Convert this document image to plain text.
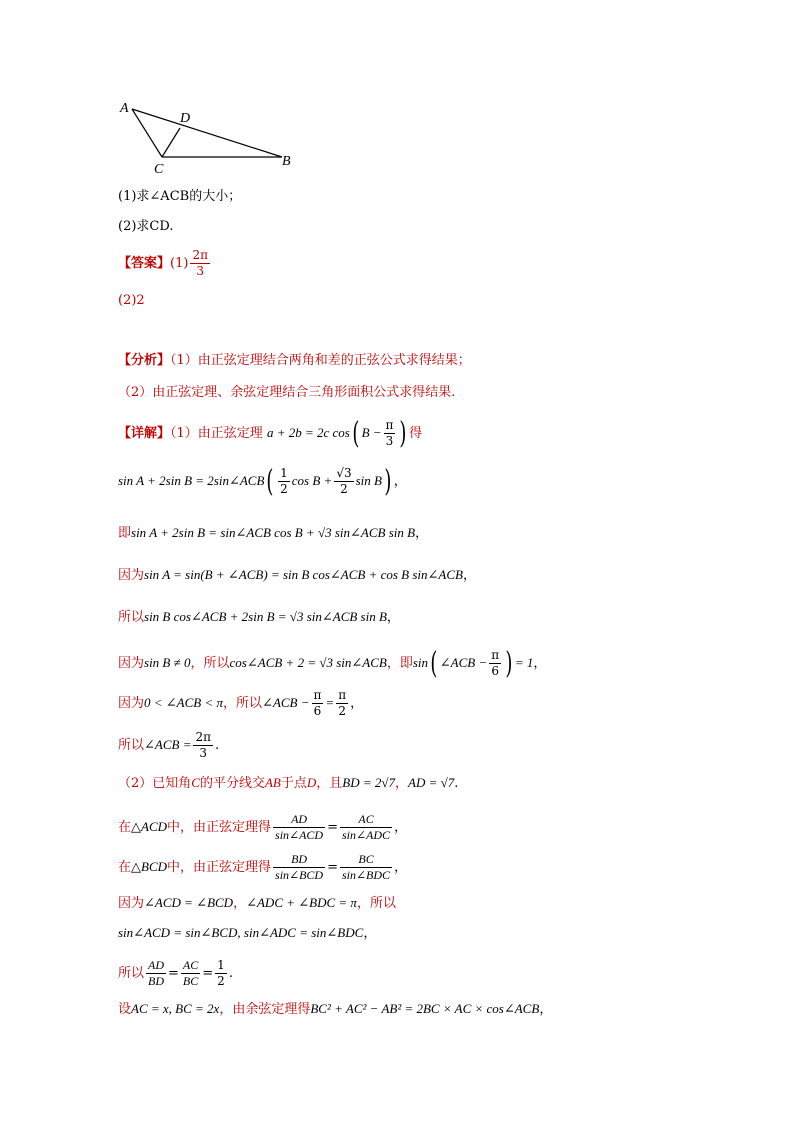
A
D
C
B
(1)求∠ACB的大小；
(2)求CD.
【答案】$(1) \frac{2\pi}{3}$
(2)2
【分析】（1）由正弦定理结合两角和差的正弦公式求得结果；
（2）由正弦定理、余弦定理结合三角形面积公式求得结果.
【详解】（1）由正弦定理 a + 2b = 2c cos( $B - \frac{\pi}{3}$ ) 得
sin A + 2sin B = 2sin∠ACB( $\frac{1}{2}$ $\cos B + \frac{√3}{2}$ sin B) ，
即sin A + 2sin B = sin∠ACB cos B + √3 sin∠ACB sin B，
因为sin A = sin(B + ∠ACB) = sin B cos∠ACB + cos B sin∠ACB，
所以sin B cos∠ACB + 2sin B = √3 sin∠ACB sin B，
因为sin B ≠ 0，所以cos∠ACB + 2 = √3 sin∠ACB，即sin( ∠ACB − $\frac{\pi}{6}$ ) = 1，
因为0 < ∠ACB < π，所以∠ACB − $\frac{\pi}{6} = \frac{\pi}{2}$ ，
所以∠ACB = $\frac{2\pi}{3}$ .
（2）已知角C的平分线交AB于点D，且BD = 2√7，AD = √7.
在△ACD中，由正弦定理得 $\frac{AD}{\text{sin∠ACD}} = \frac{AC}{\text{sin∠ADC}}$ ，
在△BCD中，由正弦定理得 $\frac{BD}{\text{sin∠BCD}} = \frac{BC}{\text{sin∠BDC}}$ ，
因为∠ACD = ∠BCD，∠ADC + ∠BDC = π，所以
sin∠ACD = sin∠BCD, sin∠ADC = sin∠BDC，
所以 $\frac{AD}{BD} = \frac{AC}{BC} = \frac{1}{2}$ .
设AC = x, BC = 2x，由余弦定理得BC² + AC² − AB² = 2BC × AC × cos∠ACB，
